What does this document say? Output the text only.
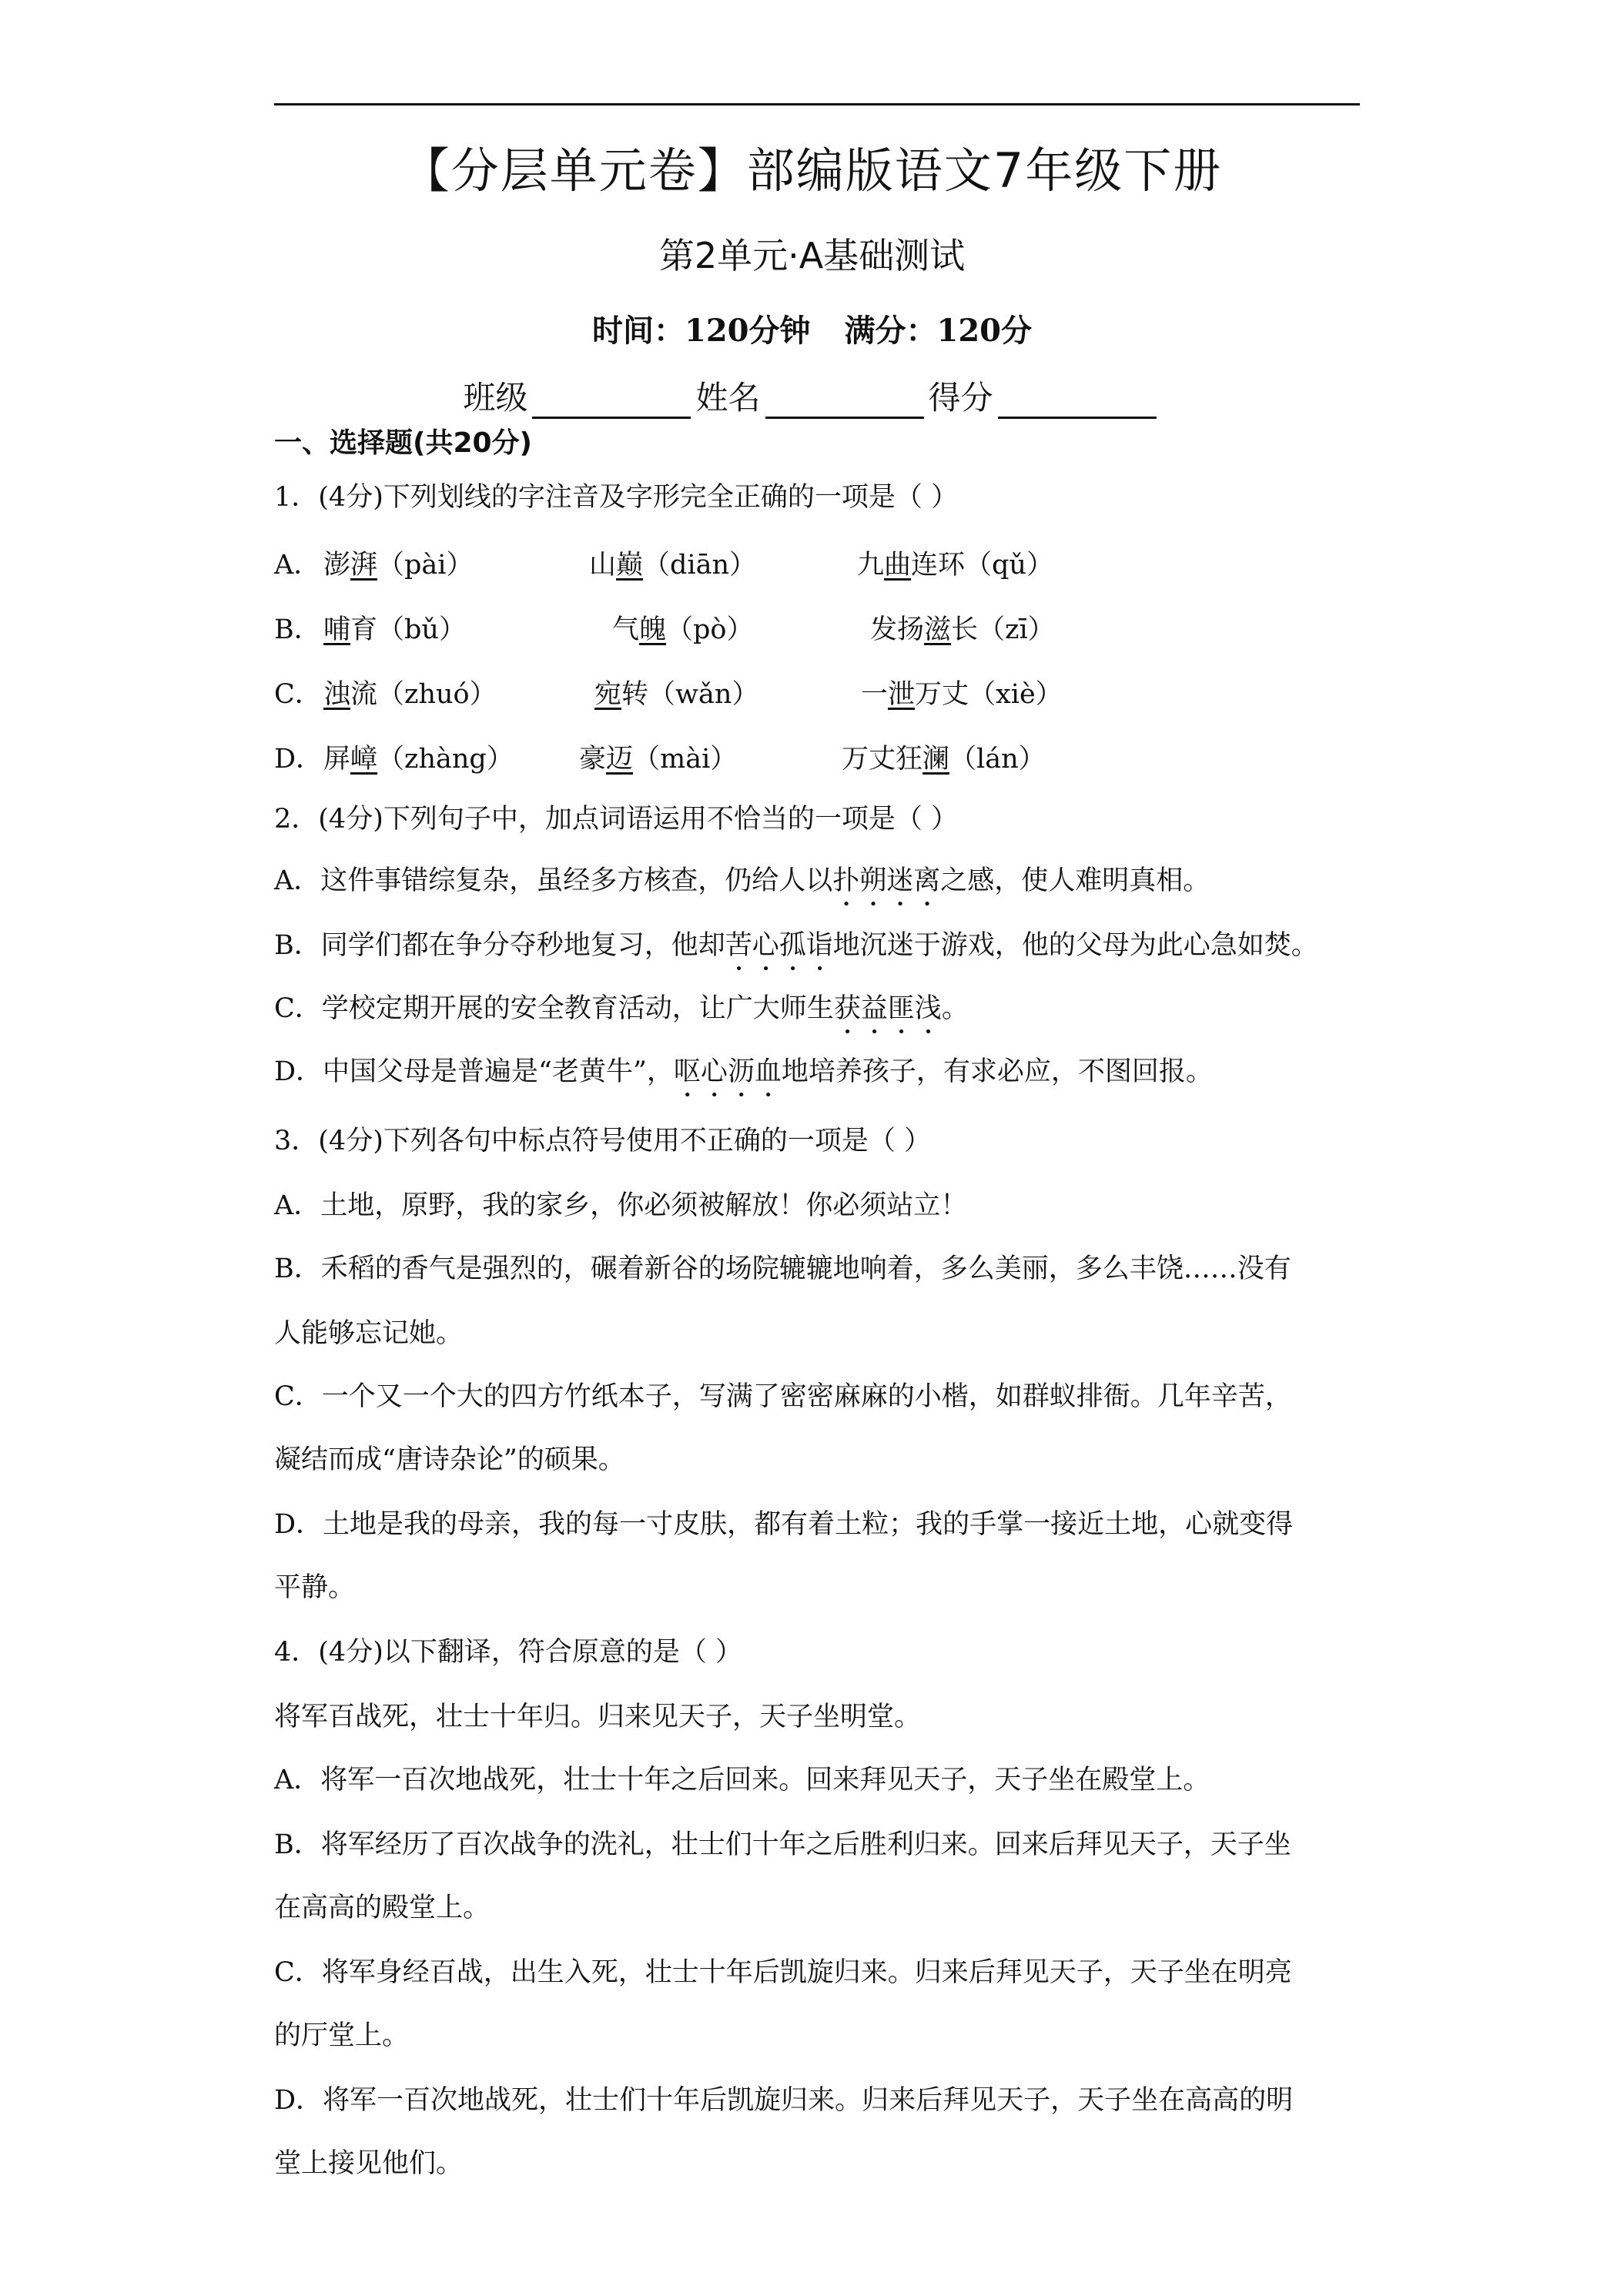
【分层单元卷】部编版语文7年级下册
第2单元·A基础测试
时间：120分钟 满分：120分
班级	姓名	得分
一、选择题(共20分)
1．(4分)下列划线的字注音及字形完全正确的一项是（ ）
A． 澎湃（pài）	山巅（diān）	九曲连环（qǔ）
B． 哺育（bǔ）	气魄（pò）	发扬滋长（zī）
C． 浊流（zhuó）	宛转（wǎn）	一泄万丈（xiè）
D． 屏嶂（zhàng） 豪迈（mài）	万丈狂澜（lán）
2．(4分)下列句子中，加点词语运用不恰当的一项是（ ）
A．这件事错综复杂，虽经多方核查，仍给人以扑朔迷离之感，使人难明真相。
B．同学们都在争分夺秒地复习，他却苦心孤诣地沉迷于游戏，他的父母为此心急如焚。
C．学校定期开展的安全教育活动，让广大师生获益匪浅。
D．中国父母是普遍是“老黄牛”，呕心沥血地培养孩子，有求必应，不图回报。
3．(4分)下列各句中标点符号使用不正确的一项是（ ）
A．土地，原野，我的家乡，你必须被解放！你必须站立！
B．禾稻的香气是强烈的，碾着新谷的场院辘辘地响着，多么美丽，多么丰饶……没有
人能够忘记她。
C．一个又一个大的四方竹纸本子，写满了密密麻麻的小楷，如群蚁排衙。几年辛苦，
凝结而成“唐诗杂论”的硕果。
D．土地是我的母亲，我的每一寸皮肤，都有着土粒；我的手掌一接近土地，心就变得
平静。
4．(4分)以下翻译，符合原意的是（ ）
将军百战死，壮士十年归。归来见天子，天子坐明堂。
A．将军一百次地战死，壮士十年之后回来。回来拜见天子，天子坐在殿堂上。
B．将军经历了百次战争的洗礼，壮士们十年之后胜利归来。回来后拜见天子，天子坐
在高高的殿堂上。
C．将军身经百战，出生入死，壮士十年后凯旋归来。归来后拜见天子，天子坐在明亮
的厅堂上。
D．将军一百次地战死，壮士们十年后凯旋归来。归来后拜见天子，天子坐在高高的明
堂上接见他们。
